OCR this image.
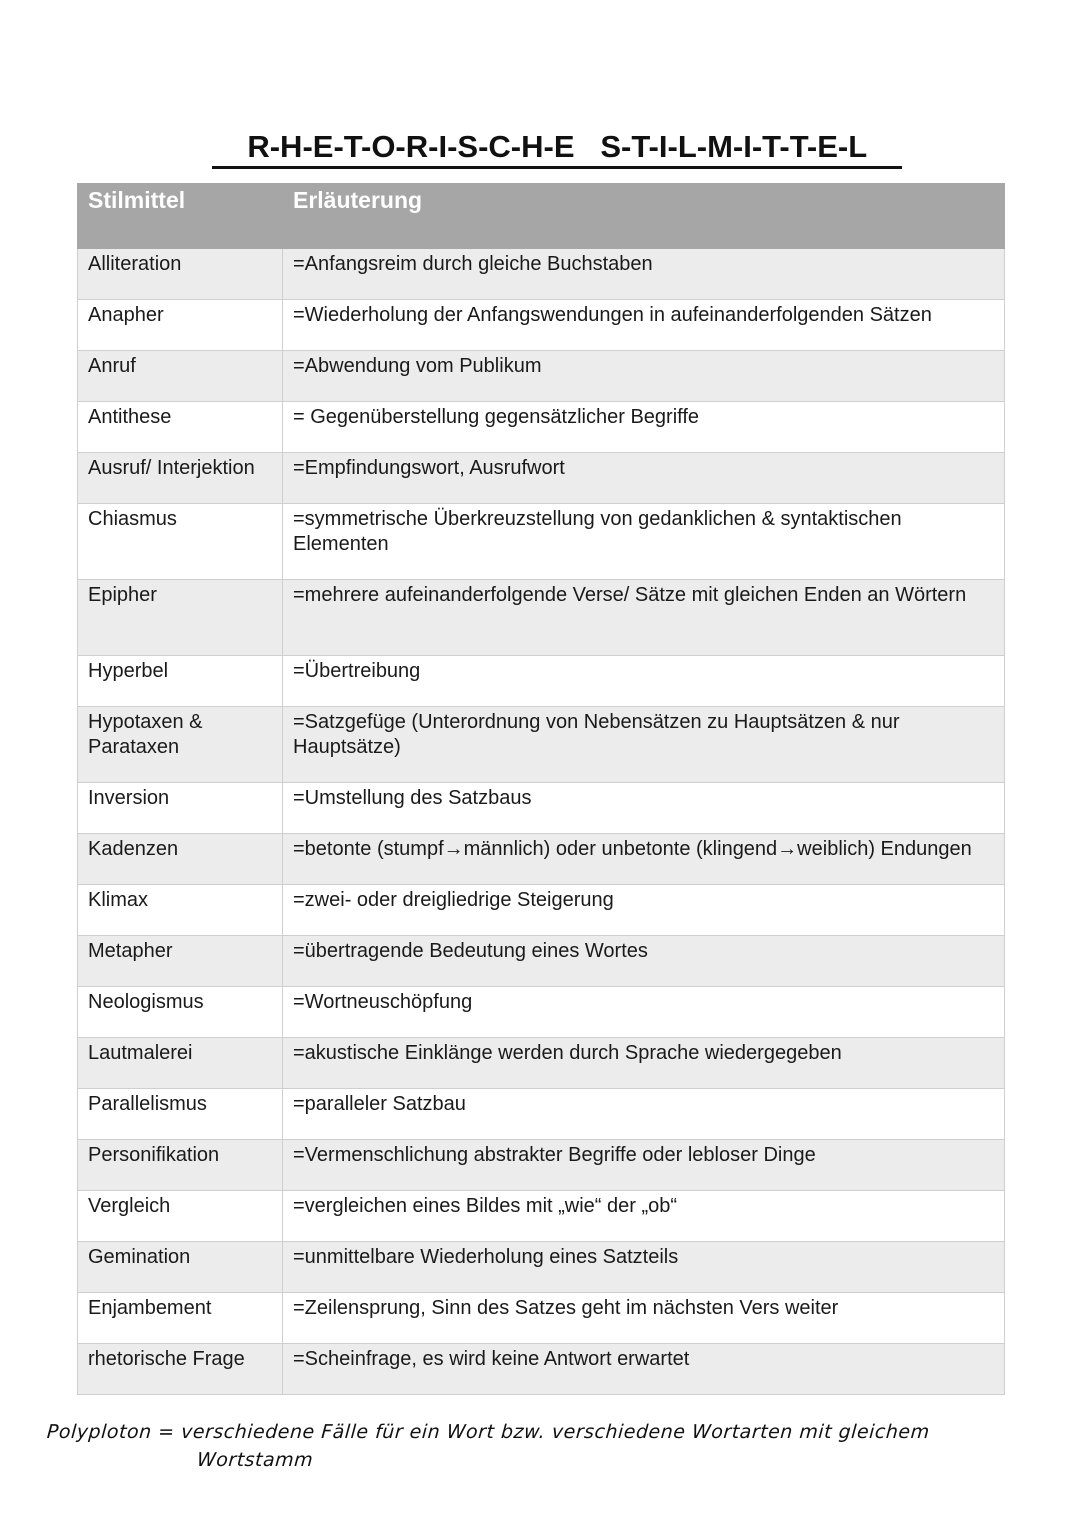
R-H-E-T-O-R-I-S-C-H-E   S-T-I-L-M-I-T-T-E-L
Stilmittel	Erläuterung
Alliteration	=Anfangsreim durch gleiche Buchstaben
Anapher	=Wiederholung der Anfangswendungen in aufeinanderfolgenden Sätzen
Anruf	=Abwendung vom Publikum
Antithese	= Gegenüberstellung gegensätzlicher Begriffe
Ausruf/ Interjektion	=Empfindungswort, Ausrufwort
Chiasmus	=symmetrische Überkreuzstellung von gedanklichen & syntaktischen Elementen
Epipher	=mehrere aufeinanderfolgende Verse/ Sätze mit gleichen Enden an Wörtern
Hyperbel	=Übertreibung
Hypotaxen & Parataxen	=Satzgefüge (Unterordnung von Nebensätzen zu Hauptsätzen & nur Hauptsätze)
Inversion	=Umstellung des Satzbaus
Kadenzen	=betonte (stumpf→männlich) oder unbetonte (klingend→weiblich) Endungen
Klimax	=zwei- oder dreigliedrige Steigerung
Metapher	=übertragende Bedeutung eines Wortes
Neologismus	=Wortneuschöpfung
Lautmalerei	=akustische Einklänge werden durch Sprache wiedergegeben
Parallelismus	=paralleler Satzbau
Personifikation	=Vermenschlichung abstrakter Begriffe oder lebloser Dinge
Vergleich	=vergleichen eines Bildes mit „wie“ der „ob“
Gemination	=unmittelbare Wiederholung eines Satzteils
Enjambement	=Zeilensprung, Sinn des Satzes geht im nächsten Vers weiter
rhetorische Frage	=Scheinfrage, es wird keine Antwort erwartet
Polyploton = verschiedene Fälle für ein Wort bzw. verschiedene Wortarten mit gleichem
Wortstamm
